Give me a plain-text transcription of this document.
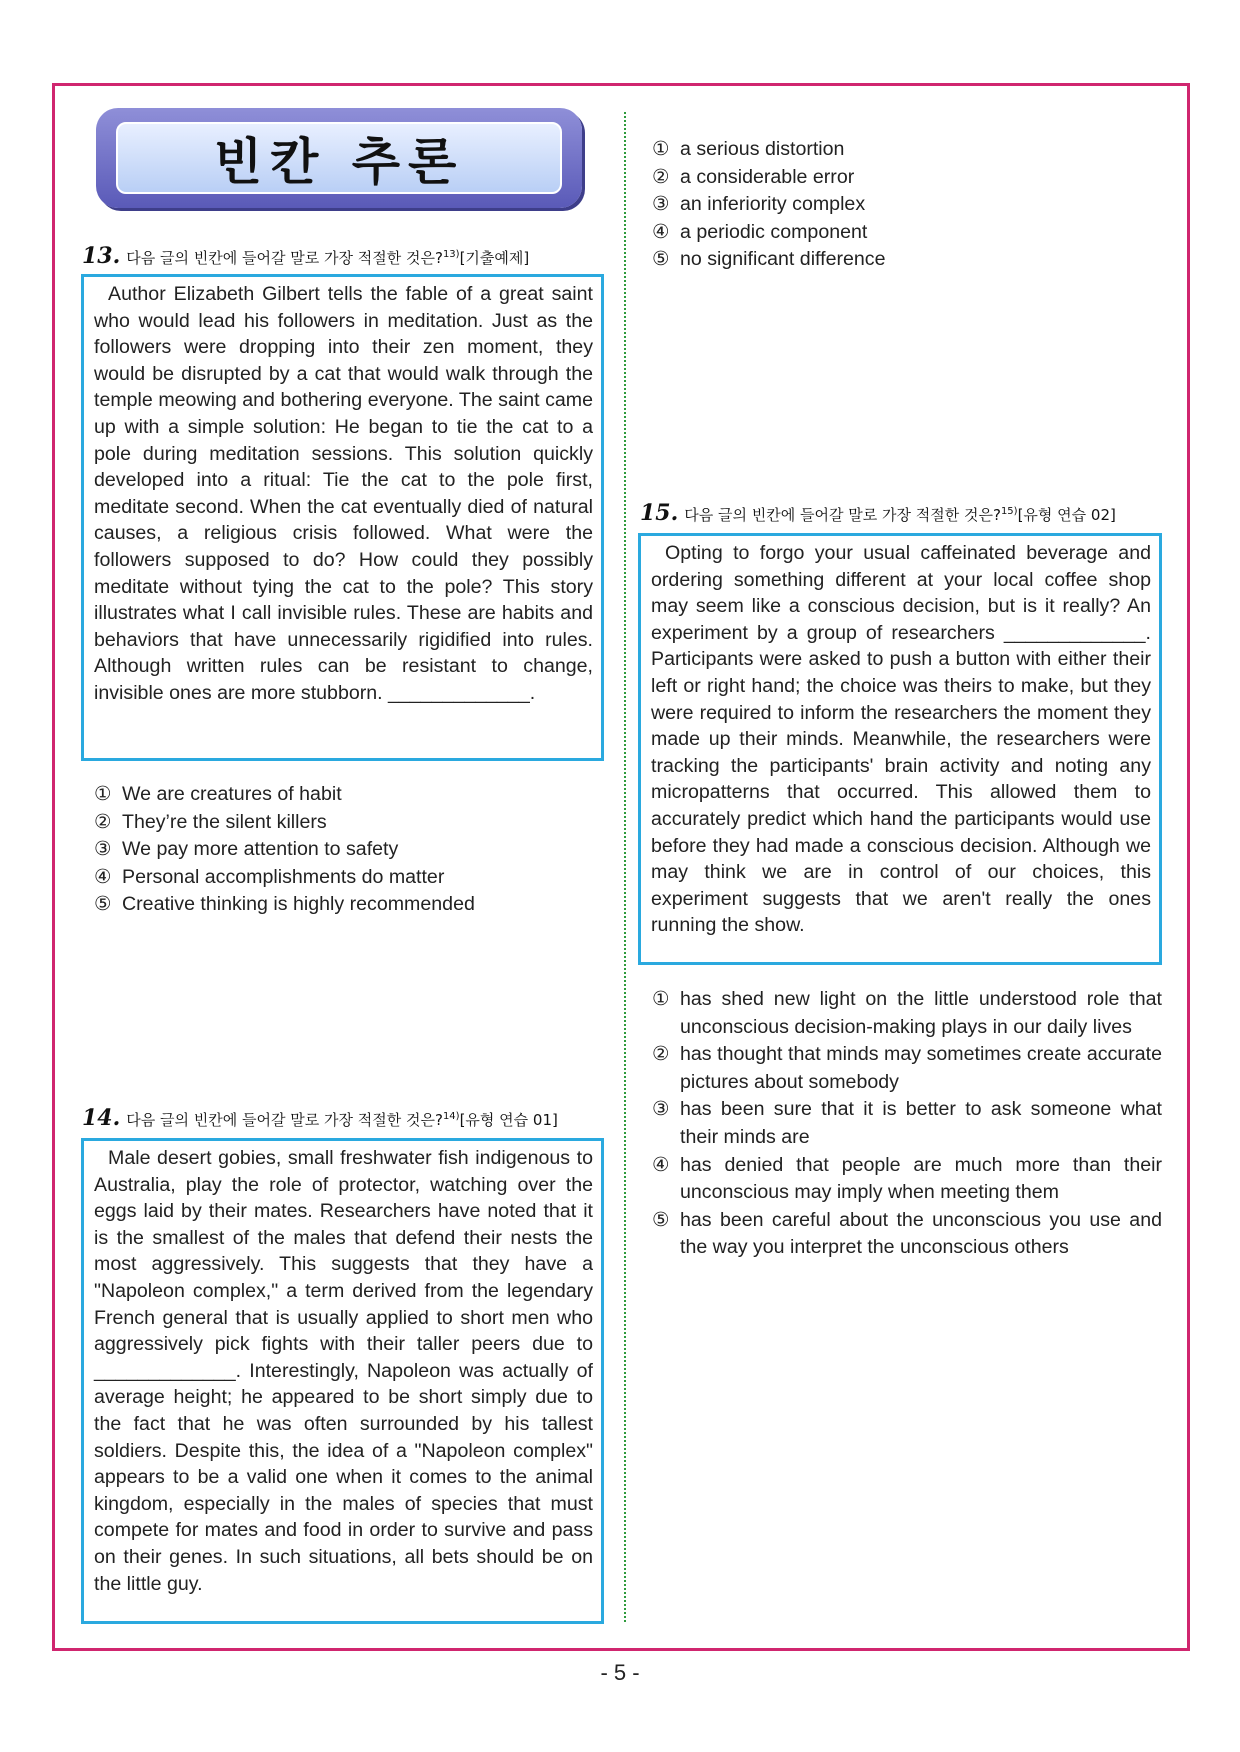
빈칸 추론
13. 다음 글의 빈칸에 들어갈 말로 가장 적절한 것은?$^{13)}$[기출예제]

Author Elizabeth Gilbert tells the fable of a great saint who would lead his followers in meditation. Just as the followers were dropping into their zen moment, they would be disrupted by a cat that would walk through the temple meowing and bothering everyone. The saint came up with a simple solution: He began to tie the cat to a pole during meditation sessions. This solution quickly developed into a ritual: Tie the cat to the pole first, meditate second. When the cat eventually died of natural causes, a religious crisis followed. What were the followers supposed to do? How could they possibly meditate without tying the cat to the pole? This story illustrates what I call invisible rules. These are habits and behaviors that have unnecessarily rigidified into rules. Although written rules can be resistant to change, invisible ones are more stubborn. _____________.

① We are creatures of habit
② They’re the silent killers
③ We pay more attention to safety
④ Personal accomplishments do matter
⑤ Creative thinking is highly recommended
14. 다음 글의 빈칸에 들어갈 말로 가장 적절한 것은?$^{14)}$[유형 연습 01]

Male desert gobies, small freshwater fish indigenous to Australia, play the role of protector, watching over the eggs laid by their mates. Researchers have noted that it is the smallest of the males that defend their nests the most aggressively. This suggests that they have a "Napoleon complex," a term derived from the legendary French general that is usually applied to short men who aggressively pick fights with their taller peers due to _____________. Interestingly, Napoleon was actually of average height; he appeared to be short simply due to the fact that he was often surrounded by his tallest soldiers. Despite this, the idea of a "Napoleon complex" appears to be a valid one when it comes to the animal kingdom, especially in the males of species that must compete for mates and food in order to survive and pass on their genes. In such situations, all bets should be on the little guy.

① a serious distortion
② a considerable error
③ an inferiority complex
④ a periodic component
⑤ no significant difference
15. 다음 글의 빈칸에 들어갈 말로 가장 적절한 것은?$^{15)}$[유형 연습 02]

Opting to forgo your usual caffeinated beverage and ordering something different at your local coffee shop may seem like a conscious decision, but is it really? An experiment by a group of researchers _____________. Participants were asked to push a button with either their left or right hand; the choice was theirs to make, but they were required to inform the researchers the moment they made up their minds. Meanwhile, the researchers were tracking the participants' brain activity and noting any micropatterns that occurred. This allowed them to accurately predict which hand the participants would use before they had made a conscious decision. Although we may think we are in control of our choices, this experiment suggests that we aren't really the ones running the show.

① has shed new light on the little understood role that unconscious decision-making plays in our daily lives
② has thought that minds may sometimes create accurate pictures about somebody
③ has been sure that it is better to ask someone what their minds are
④ has denied that people are much more than their unconscious may imply when meeting them
⑤ has been careful about the unconscious you use and the way you interpret the unconscious others
- 5 -
